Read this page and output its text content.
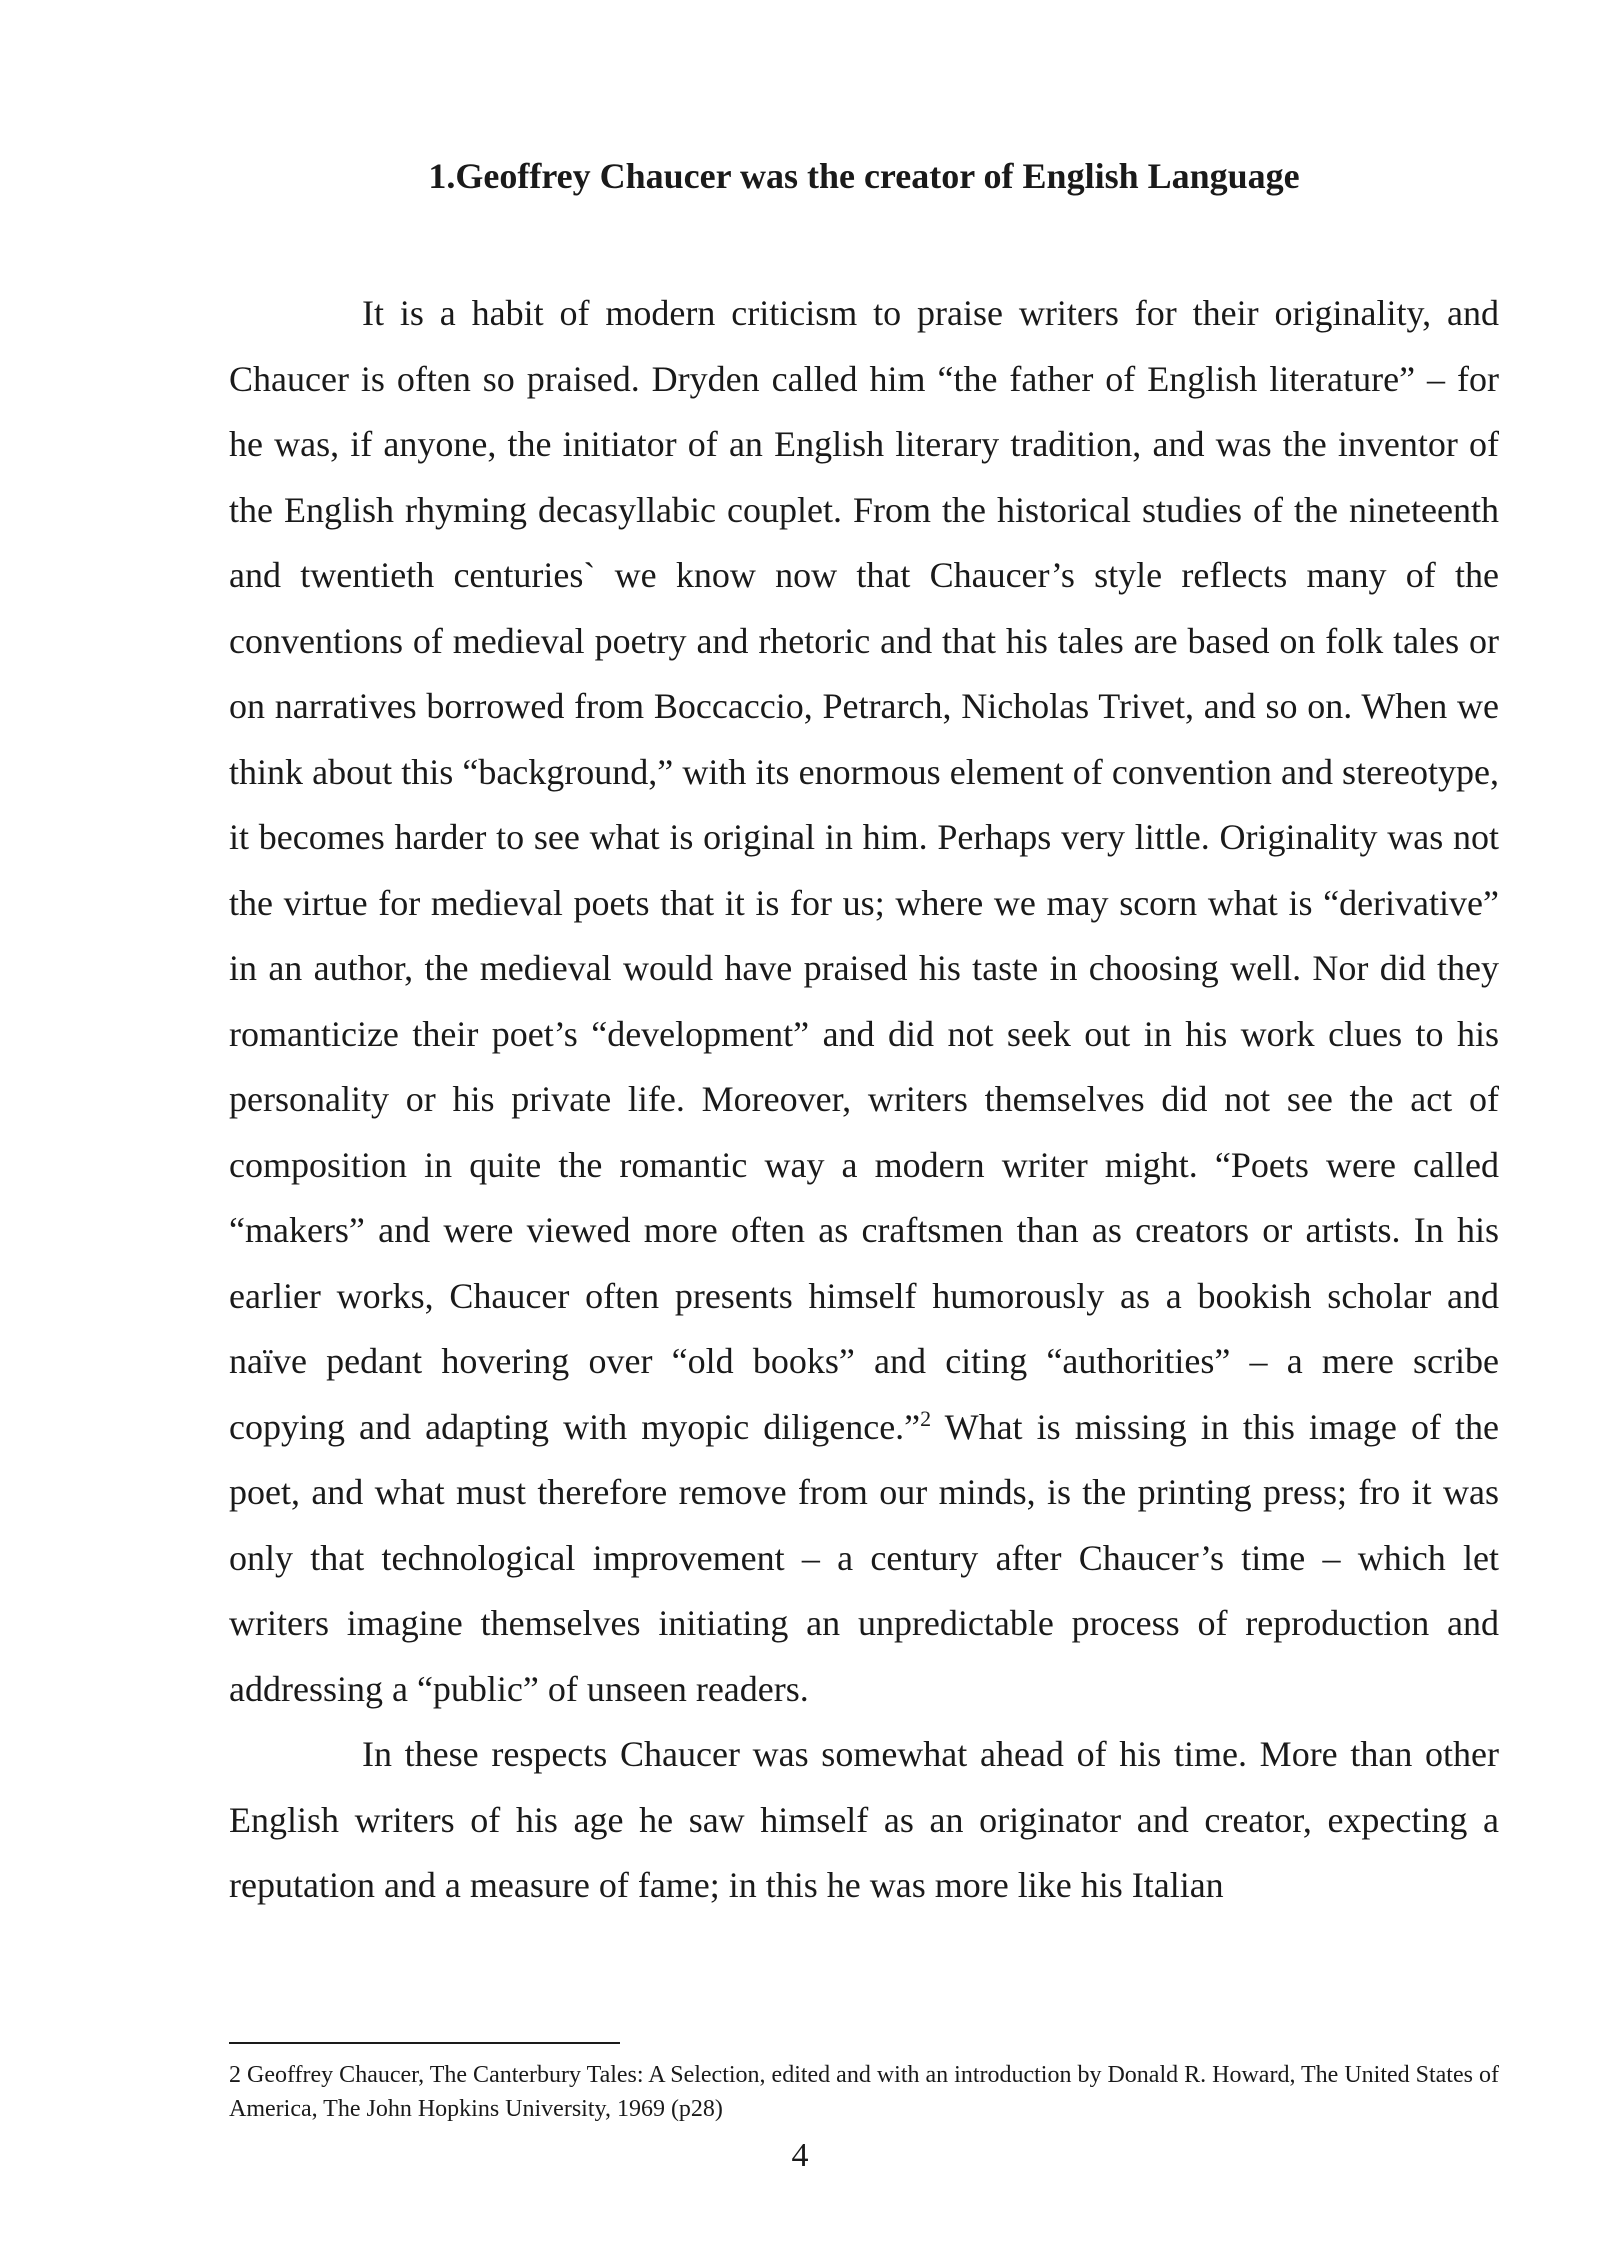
1.Geoffrey Chaucer was the creator of English Language

It is a habit of modern criticism to praise writers for their originality, and Chaucer is often so praised. Dryden called him “the father of English literature” – for he was, if anyone, the initiator of an English literary tradition, and was the inventor of the English rhyming decasyllabic couplet. From the historical studies of the nineteenth and twentieth centuries` we know now that Chaucer’s style reflects many of the conventions of medieval poetry and rhetoric and that his tales are based on folk tales or on narratives borrowed from Boccaccio, Petrarch, Nicholas Trivet, and so on. When we think about this “background,” with its enormous element of convention and stereotype, it becomes harder to see what is original in him. Perhaps very little. Originality was not the virtue for medieval poets that it is for us; where we may scorn what is “derivative” in an author, the medieval would have praised his taste in choosing well. Nor did they romanticize their poet’s “development” and did not seek out in his work clues to his personality or his private life. Moreover, writers themselves did not see the act of composition in quite the romantic way a modern writer might. “Poets were called “makers” and were viewed more often as craftsmen than as creators or artists. In his earlier works, Chaucer often presents himself humorously as a bookish scholar and naïve pedant hovering over “old books” and citing “authorities” – a mere scribe copying and adapting with myopic diligence.”$^2$ What is missing in this image of the poet, and what must therefore remove from our minds, is the printing press; fro it was only that technological improvement – a century after Chaucer’s time – which let writers imagine themselves initiating an unpredictable process of reproduction and addressing a “public” of unseen readers.

In these respects Chaucer was somewhat ahead of his time. More than other English writers of his age he saw himself as an originator and creator, expecting a reputation and a measure of fame; in this he was more like his Italian

2 Geoffrey Chaucer, The Canterbury Tales: A Selection, edited and with an introduction by Donald R. Howard, The United States of America, The John Hopkins University, 1969 (p28)

4
